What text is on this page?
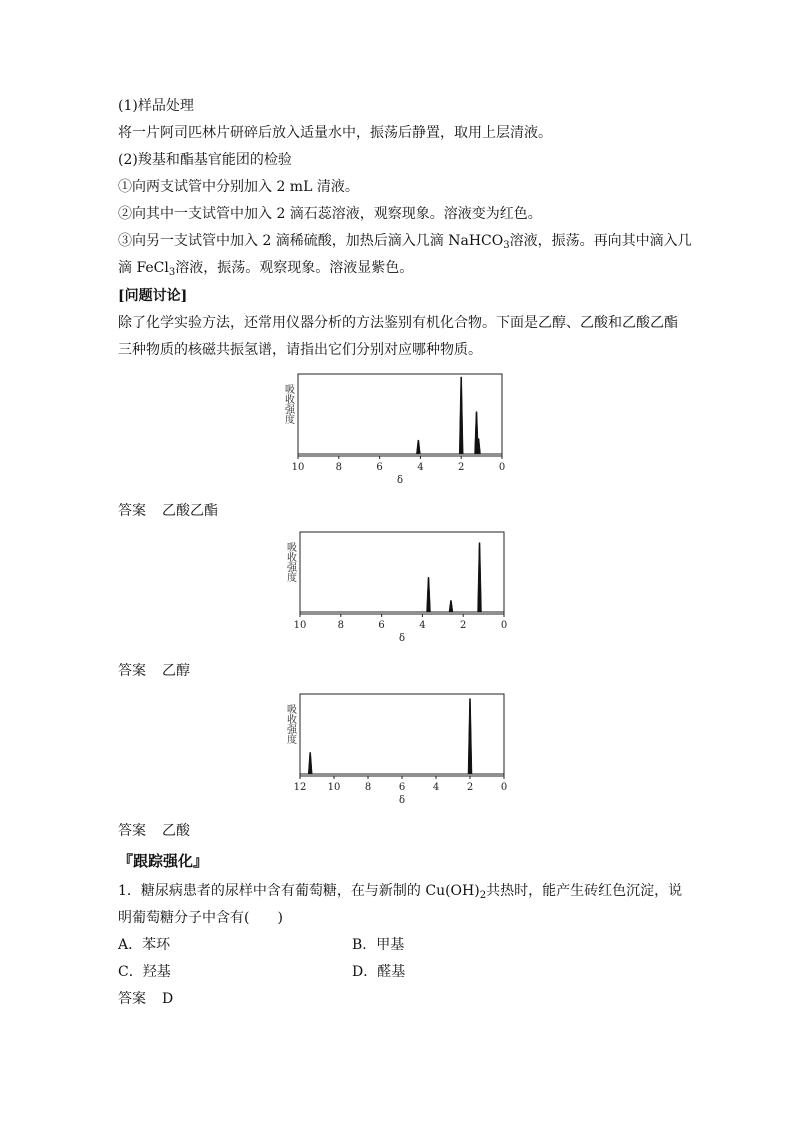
(1)样品处理
将一片阿司匹林片研碎后放入适量水中，振荡后静置，取用上层清液。
(2)羧基和酯基官能团的检验
①向两支试管中分别加入 2 mL 清液。
②向其中一支试管中加入 2 滴石蕊溶液，观察现象。溶液变为红色。
③向另一支试管中加入 2 滴稀硫酸，加热后滴入几滴 NaHCO$_3$溶液，振荡。再向其中滴入几
滴 FeCl$_3$溶液，振荡。观察现象。溶液显紫色。
[问题讨论]
除了化学实验方法，还常用仪器分析的方法鉴别有机化合物。下面是乙醇、乙酸和乙酸乙酯
三种物质的核磁共振氢谱，请指出它们分别对应哪种物质。
吸收强度
10	8	6	4	2	0
δ
答案 乙酸乙酯
吸收强度
10	8	6	4	2	0
δ
答案 乙醇
吸收强度
12 10 8	6	4	2	0
δ
答案 乙酸
『跟踪强化』
1．糖尿病患者的尿样中含有葡萄糖，在与新制的 $Cu(OH)_2$共热时，能产生砖红色沉淀，说
明葡萄糖分子中含有(　　)
A．苯环	B．甲基
C．羟基	D．醛基
答案 D
